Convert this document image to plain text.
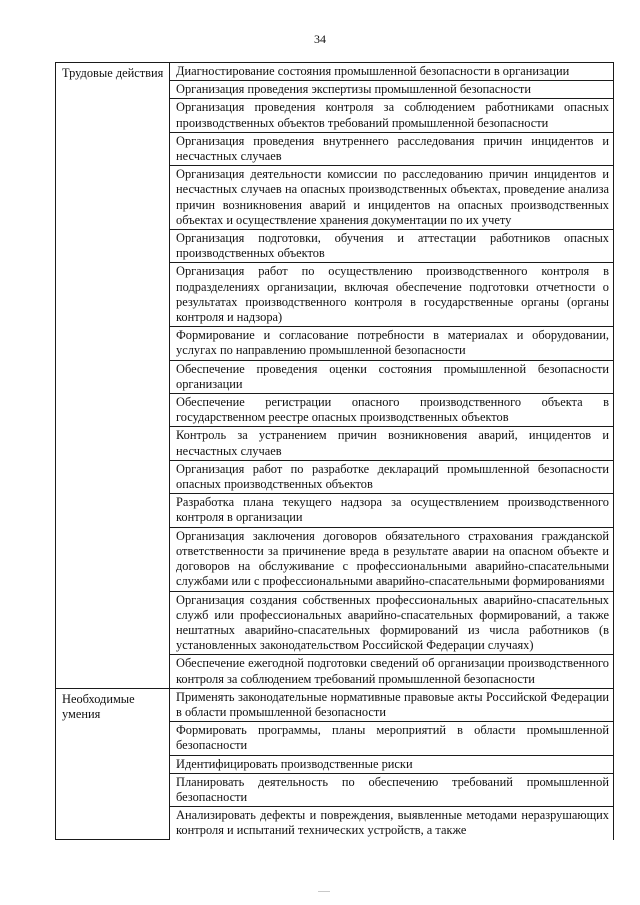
34
Трудовые действия	Диагностирование состояния промышленной безопасности в организации
	Организация проведения экспертизы промышленной безопасности
	Организация проведения контроля за соблюдением работниками опасных производственных объектов требований промышленной безопасности
	Организация проведения внутреннего расследования причин инцидентов и несчастных случаев
	Организация деятельности комиссии по расследованию причин инцидентов и несчастных случаев на опасных производственных объектах, проведение анализа причин возникновения аварий и инцидентов на опасных производственных объектах и осуществление хранения документации по их учету
	Организация подготовки, обучения и аттестации работников опасных производственных объектов
	Организация работ по осуществлению производственного контроля в подразделениях организации, включая обеспечение подготовки отчетности о результатах производственного контроля в государственные органы (органы контроля и надзора)
	Формирование и согласование потребности в материалах и оборудовании, услугах по направлению промышленной безопасности
	Обеспечение проведения оценки состояния промышленной безопасности организации
	Обеспечение регистрации опасного производственного объекта в государственном реестре опасных производственных объектов
	Контроль за устранением причин возникновения аварий, инцидентов и несчастных случаев
	Организация работ по разработке деклараций промышленной безопасности опасных производственных объектов
	Разработка плана текущего надзора за осуществлением производственного контроля в организации
	Организация заключения договоров обязательного страхования гражданской ответственности за причинение вреда в результате аварии на опасном объекте и договоров на обслуживание с профессиональными аварийно-спасательными службами или с профессиональными аварийно-спасательными формированиями
	Организация создания собственных профессиональных аварийно-спасательных служб или профессиональных аварийно-спасательных формирований, а также нештатных аварийно-спасательных формирований из числа работников (в установленных законодательством Российской Федерации случаях)
	Обеспечение ежегодной подготовки сведений об организации производственного контроля за соблюдением требований промышленной безопасности
Необходимые умения	Применять законодательные нормативные правовые акты Российской Федерации в области промышленной безопасности
	Формировать программы, планы мероприятий в области промышленной безопасности
	Идентифицировать производственные риски
	Планировать деятельность по обеспечению требований промышленной безопасности
	Анализировать дефекты и повреждения, выявленные методами неразрушающих контроля и испытаний технических устройств, а также
